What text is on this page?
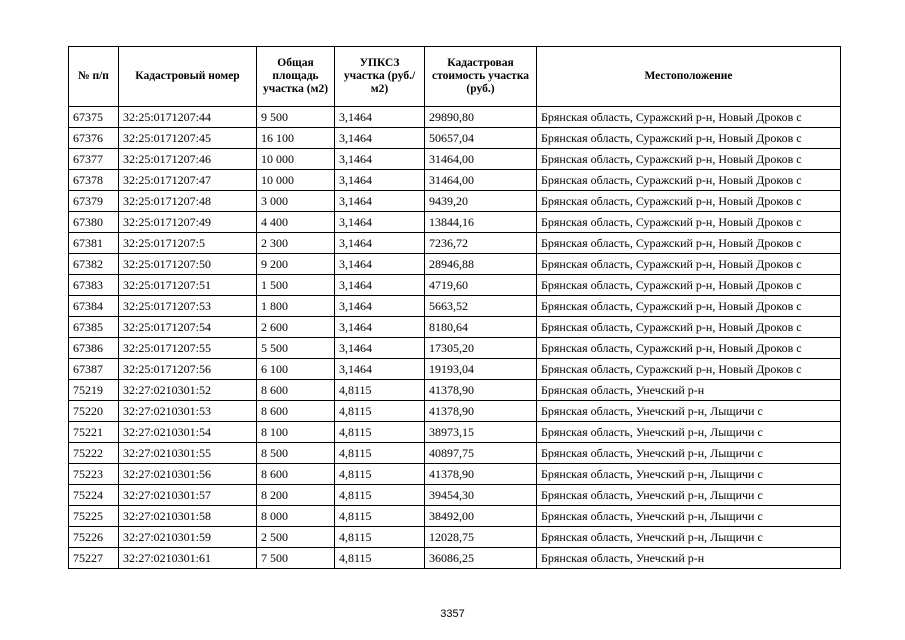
№ п/п	Кадастровый номер	Общая площадь участка (м2)	УПКСЗ участка (руб./м2)	Кадастровая стоимость участка (руб.)	Местоположение
67375	32:25:0171207:44	9 500	3,1464	29890,80	Брянская область, Суражский р-н, Новый Дроков с
67376	32:25:0171207:45	16 100	3,1464	50657,04	Брянская область, Суражский р-н, Новый Дроков с
67377	32:25:0171207:46	10 000	3,1464	31464,00	Брянская область, Суражский р-н, Новый Дроков с
67378	32:25:0171207:47	10 000	3,1464	31464,00	Брянская область, Суражский р-н, Новый Дроков с
67379	32:25:0171207:48	3 000	3,1464	9439,20	Брянская область, Суражский р-н, Новый Дроков с
67380	32:25:0171207:49	4 400	3,1464	13844,16	Брянская область, Суражский р-н, Новый Дроков с
67381	32:25:0171207:5	2 300	3,1464	7236,72	Брянская область, Суражский р-н, Новый Дроков с
67382	32:25:0171207:50	9 200	3,1464	28946,88	Брянская область, Суражский р-н, Новый Дроков с
67383	32:25:0171207:51	1 500	3,1464	4719,60	Брянская область, Суражский р-н, Новый Дроков с
67384	32:25:0171207:53	1 800	3,1464	5663,52	Брянская область, Суражский р-н, Новый Дроков с
67385	32:25:0171207:54	2 600	3,1464	8180,64	Брянская область, Суражский р-н, Новый Дроков с
67386	32:25:0171207:55	5 500	3,1464	17305,20	Брянская область, Суражский р-н, Новый Дроков с
67387	32:25:0171207:56	6 100	3,1464	19193,04	Брянская область, Суражский р-н, Новый Дроков с
75219	32:27:0210301:52	8 600	4,8115	41378,90	Брянская область, Унечский р-н
75220	32:27:0210301:53	8 600	4,8115	41378,90	Брянская область, Унечский р-н, Лыщичи с
75221	32:27:0210301:54	8 100	4,8115	38973,15	Брянская область, Унечский р-н, Лыщичи с
75222	32:27:0210301:55	8 500	4,8115	40897,75	Брянская область, Унечский р-н, Лыщичи с
75223	32:27:0210301:56	8 600	4,8115	41378,90	Брянская область, Унечский р-н, Лыщичи с
75224	32:27:0210301:57	8 200	4,8115	39454,30	Брянская область, Унечский р-н, Лыщичи с
75225	32:27:0210301:58	8 000	4,8115	38492,00	Брянская область, Унечский р-н, Лыщичи с
75226	32:27:0210301:59	2 500	4,8115	12028,75	Брянская область, Унечский р-н, Лыщичи с
75227	32:27:0210301:61	7 500	4,8115	36086,25	Брянская область, Унечский р-н
3357
